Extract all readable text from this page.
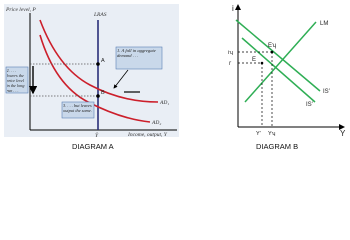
Price level, P
Income, output, Y
LRAS
AD₁
AD₂
A
B
Ȳ
1. A fall in aggregate demand . . .
2. . . . lowers the price level in the long run . . .
3. . . . but leaves output the same.
DIAGRAM A
i
Y
LM
IS′
IS′
Eʮ
E
iʮ
i′
Y′ Yʮ
DIAGRAM B
